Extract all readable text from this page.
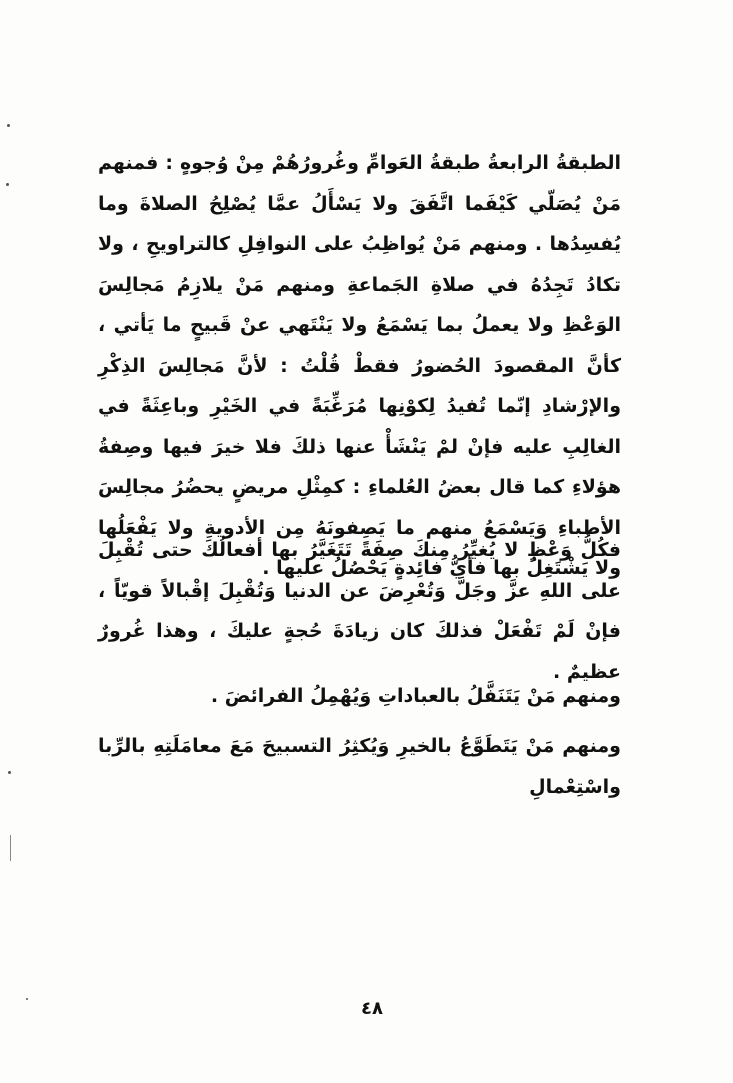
الطبقةُ الرابعةُ طبقةُ العَوامِّ وغُرورُهُمْ مِنْ وُجوهٍ : فمنهم مَنْ يُصَلّي كَيْفَما اتَّفَقَ ولا يَسْأَلُ عمَّا يُصْلِحُ الصلاةَ وما يُفسِدُها . ومنهم مَنْ يُواظِبُ على النوافِلِ كالتراويحِ ، ولا تكادُ تَجِدُهُ في صلاةِ الجَماعةِ ومنهم مَنْ يلازِمُ مَجالِسَ الوَعْظِ ولا يعملُ بما يَسْمَعُ ولا يَنْتَهي عنْ قَبيحٍ ما يَأتي ، كأنَّ المقصودَ الحُضورُ فقطْ قُلْتُ : لأنَّ مَجالِسَ الذِكْرِ والإرْشادِ إنّما تُفيدُ لِكوْنِها مُرَغِّبَةً في الخَيْرِ وباعِثَةً في الغالِبِ عليه فإنْ لمْ يَنْشَأْ عنها ذلكَ فلا خيرَ فيها وصِفةُ هؤلاءِ كما قال بعضُ العُلماءِ : كمِثْلِ مريضٍ يحضُرُ مجالِسَ الأطباءِ وَيَسْمَعُ منهم ما يَصِفونَهُ مِن الأدويةِ ولا يَفْعَلُها ولا يَشْتَغِلُ بها فأيُّ فائِدةٍ يَحْصُلُ عليها .

فكُلُّ وَعْظٍ لا يُغيِّرُ مِنكَ صِفَةً تَتَغَيَّرُ بها أفعالُكَ حتى تُقْبِلَ على اللهِ عزَّ وجَلَّ وَتُعْرِضَ عن الدنيا وَتُقْبِلَ إقْبالاً قويّاً ، فإنْ لَمْ تَفْعَلْ فذلكَ كان زيادَةَ حُجةٍ عليكَ ، وهذا غُرورٌ عظيمٌ .

ومنهم مَنْ يَتَنَفَّلُ بالعباداتِ وَيُهْمِلُ الفرائضَ .

ومنهم مَنْ يَتَطَوَّعُ بالخيرِ وَيُكثِرُ التسبيحَ مَعَ معامَلَتِهِ بالرِّبا واسْتِعْمالِ

٤٨
